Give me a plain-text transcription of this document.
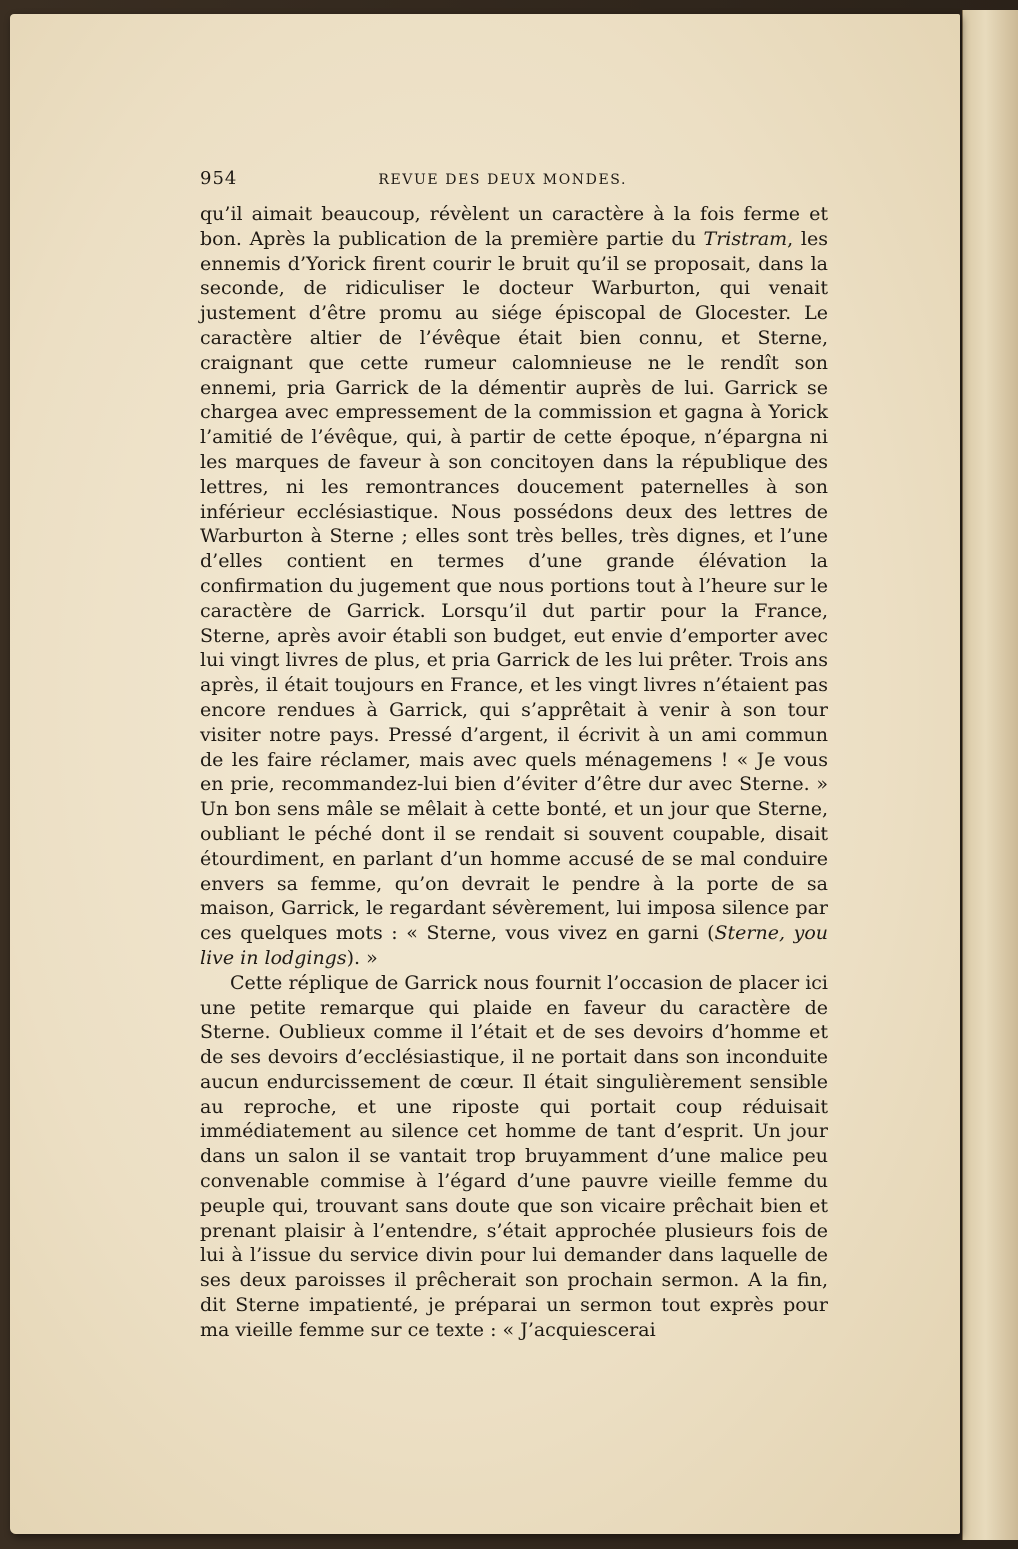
954	REVUE DES DEUX MONDES.

qu’il aimait beaucoup, révèlent un caractère à la fois ferme et bon. Après la publication de la première partie du Tristram, les ennemis d’Yorick firent courir le bruit qu’il se proposait, dans la seconde, de ridiculiser le docteur Warburton, qui venait justement d’être promu au siége épiscopal de Glocester. Le caractère altier de l’évêque était bien connu, et Sterne, craignant que cette rumeur calomnieuse ne le rendît son ennemi, pria Garrick de la démentir auprès de lui. Garrick se chargea avec empressement de la commission et gagna à Yorick l’amitié de l’évêque, qui, à partir de cette époque, n’épargna ni les marques de faveur à son concitoyen dans la république des lettres, ni les remontrances doucement paternelles à son inférieur ecclésiastique. Nous possédons deux des lettres de Warburton à Sterne ; elles sont très belles, très dignes, et l’une d’elles contient en termes d’une grande élévation la confirmation du jugement que nous portions tout à l’heure sur le caractère de Garrick. Lorsqu’il dut partir pour la France, Sterne, après avoir établi son budget, eut envie d’emporter avec lui vingt livres de plus, et pria Garrick de les lui prêter. Trois ans après, il était toujours en France, et les vingt livres n’étaient pas encore rendues à Garrick, qui s’apprêtait à venir à son tour visiter notre pays. Pressé d’argent, il écrivit à un ami commun de les faire réclamer, mais avec quels ménagemens ! « Je vous en prie, recommandez-lui bien d’éviter d’être dur avec Sterne. » Un bon sens mâle se mêlait à cette bonté, et un jour que Sterne, oubliant le péché dont il se rendait si souvent coupable, disait étourdiment, en parlant d’un homme accusé de se mal conduire envers sa femme, qu’on devrait le pendre à la porte de sa maison, Garrick, le regardant sévèrement, lui imposa silence par ces quelques mots : « Sterne, vous vivez en garni (Sterne, you live in lodgings). »

Cette réplique de Garrick nous fournit l’occasion de placer ici une petite remarque qui plaide en faveur du caractère de Sterne. Oublieux comme il l’était et de ses devoirs d’homme et de ses devoirs d’ecclésiastique, il ne portait dans son inconduite aucun endurcissement de cœur. Il était singulièrement sensible au reproche, et une riposte qui portait coup réduisait immédiatement au silence cet homme de tant d’esprit. Un jour dans un salon il se vantait trop bruyamment d’une malice peu convenable commise à l’égard d’une pauvre vieille femme du peuple qui, trouvant sans doute que son vicaire prêchait bien et prenant plaisir à l’entendre, s’était approchée plusieurs fois de lui à l’issue du service divin pour lui demander dans laquelle de ses deux paroisses il prêcherait son prochain sermon. A la fin, dit Sterne impatienté, je préparai un sermon tout exprès pour ma vieille femme sur ce texte : « J’acquiescerai
